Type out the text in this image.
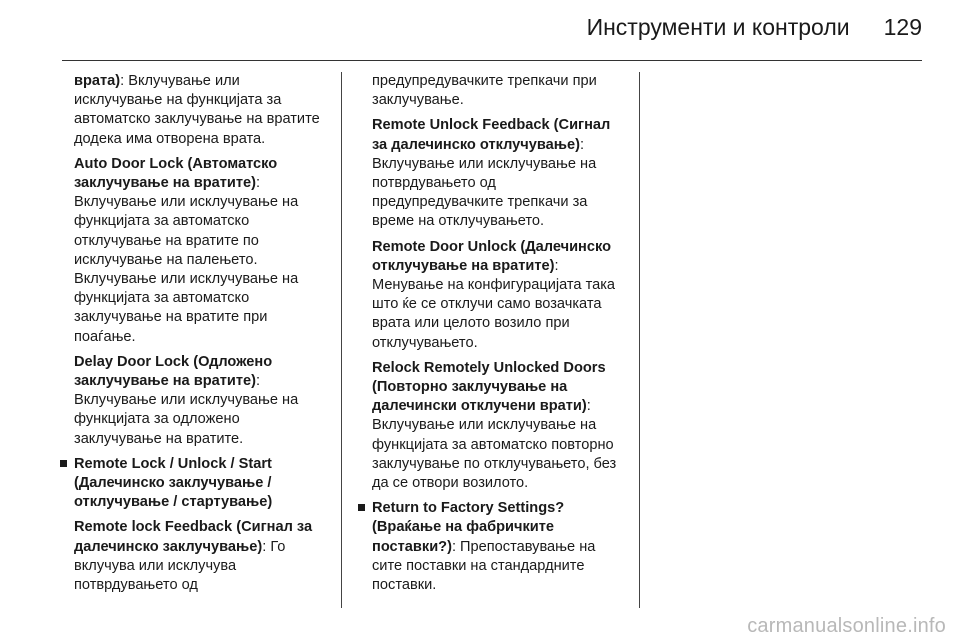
Инструменти и контроли 129

врата): Вклучување или исклучување на функцијата за автоматско заклучување на вратите додека има отворена врата.

Auto Door Lock (Автоматско заклучување на вратите): Вклучување или исклучување на функцијата за автоматско отклучување на вратите по исклучување на палењето. Вклучување или исклучување на функцијата за автоматско заклучување на вратите при поаѓање.

Delay Door Lock (Одложено заклучување на вратите): Вклучување или исклучување на функцијата за одложено заклучување на вратите.

Remote Lock / Unlock / Start (Далечинско заклучување / отклучување / стартување)

Remote lock Feedback (Сигнал за далечинско заклучување): Го вклучува или исклучува потврдувањето од

предупредувачките трепкачи при заклучување.

Remote Unlock Feedback (Сигнал за далечинско отклучување): Вклучување или исклучување на потврдувањето од предупредувачките трепкачи за време на отклучувањето.

Remote Door Unlock (Далечинско отклучување на вратите): Менување на конфигурацијата така што ќе се отклучи само возачката врата или целото возило при отклучувањето.

Relock Remotely Unlocked Doors (Повторно заклучување на далечински отклучени врати): Вклучување или исклучување на функцијата за автоматско повторно заклучување по отклучувањето, без да се отвори возилото.

Return to Factory Settings? (Враќање на фабричките поставки?): Препоставување на сите поставки на стандардните поставки.
carmanualsonline.info
